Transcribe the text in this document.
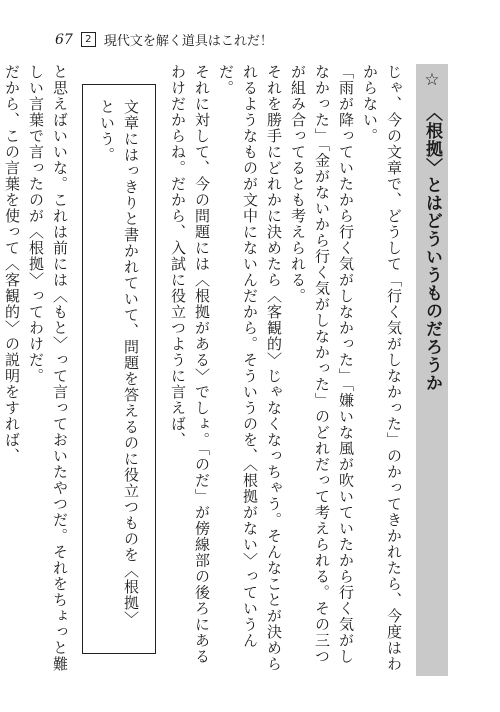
67	2 現代文を解く道具はこれだ！
☆ 〈根拠〉とはどういうものだろうか
じゃ、今の文章で、どうして「行く気がしなかった」のかってきかれたら、今度はわからない。
「雨が降っていたから行く気がしなかった」「嫌いな風が吹いていたから行く気がしなかった」「金がないから行く気がしなかった」のどれだって考えられる。その三つが組み合ってるとも考えられる。
それを勝手にどれかに決めたら〈客観的〉じゃなくなっちゃう。そんなことが決められるようなものが文中にないんだから。そういうのを、〈根拠がない〉っていうんだ。
それに対して、今の問題には〈根拠がある〉でしょ。「のだ」が傍線部の後ろにあるわけだからね。だから、入試に役立つように言えば、
文章にはっきりと書かれていて、問題を答えるのに役立つものを〈根拠〉という。
と思えばいいな。これは前には〈もと〉って言っておいたやつだ。それをちょっと難しい言葉で言ったのが〈根拠〉ってわけだ。
だから、この言葉を使って〈客観的〉の説明をすれば、
